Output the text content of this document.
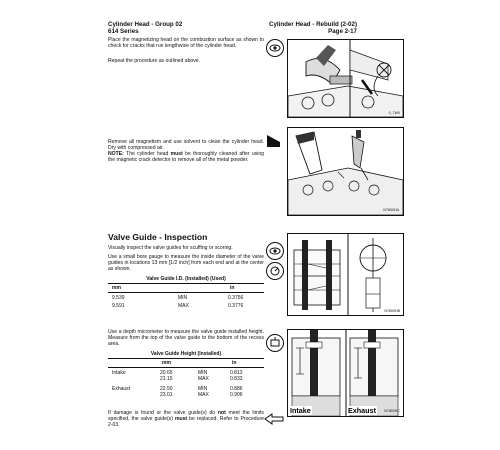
Cylinder Head - Group 02
614 Series
Cylinder Head - Rebuild (2-02)
Page 2-17
Place the magnetizing head on the combustion surface as shown to check for cracks that run lengthwise of the cylinder head.
Repeat the procedure as outlined above.
0_7W0
Remove all magnetism and use solvent to clean the cylinder head. Dry with compressed air.
NOTE: The cylinder head must be thoroughly cleaned after using the magnetic crack detector to remove all of the metal powder.
N7800HA
Valve Guide - Inspection
Visually inspect the valve guides for scuffing or scoring.
Use a small bore gauge to measure the inside diameter of the valve guides in locations 13 mm [1/2 inch] from each end and at the center as shown.
Valve Guide I.D. (Installed) (Used)
mm	in
9.539	MIN	0.3756
9.591	MAX	0.3776
N7800HB
Use a depth micrometer to measure the valve guide installed height. Measure from the top of the valve guide to the bottom of the recess area.
Valve Guide Height (Installed)
mm	in
Intake	20.65	MIN	0.813
21.15	MAX	0.833
Exhaust	22.50	MIN	0.886
23.01	MAX	0.906
If damage is found or the valve guide(s) do not meet the limits specified, the valve guide(s) must be replaced. Refer to Procedure 2-03.
Intake	Exhaust N7800HC
